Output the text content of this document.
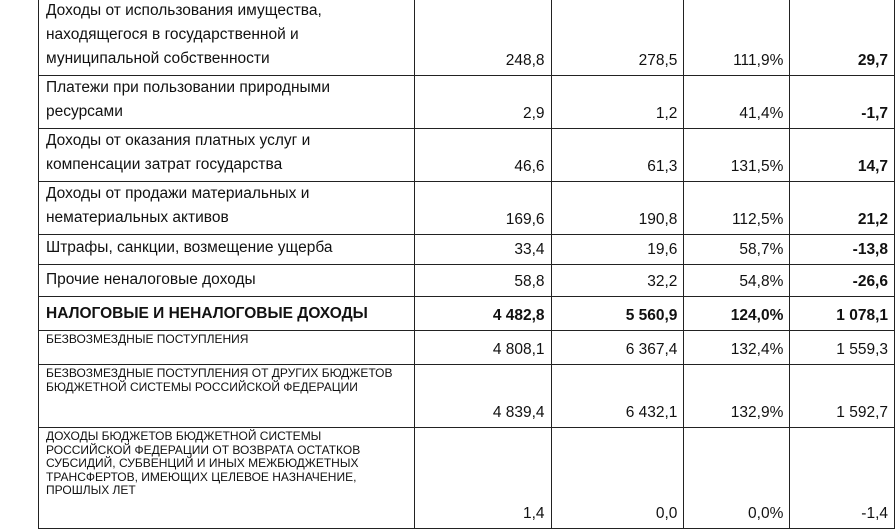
Доходы от использования имущества, находящегося в государственной и муниципальной собственности	248,8	278,5	111,9%	29,7
Платежи при пользовании природными ресурсами	2,9	1,2	41,4%	-1,7
Доходы от оказания платных услуг и компенсации затрат государства	46,6	61,3	131,5%	14,7
Доходы от продажи материальных и нематериальных активов	169,6	190,8	112,5%	21,2
Штрафы, санкции, возмещение ущерба	33,4	19,6	58,7%	-13,8
Прочие неналоговые доходы	58,8	32,2	54,8%	-26,6
НАЛОГОВЫЕ И НЕНАЛОГОВЫЕ ДОХОДЫ	4 482,8	5 560,9	124,0%	1 078,1
БЕЗВОЗМЕЗДНЫЕ ПОСТУПЛЕНИЯ	4 808,1	6 367,4	132,4%	1 559,3
БЕЗВОЗМЕЗДНЫЕ ПОСТУПЛЕНИЯ ОТ ДРУГИХ БЮДЖЕТОВ БЮДЖЕТНОЙ СИСТЕМЫ РОССИЙСКОЙ ФЕДЕРАЦИИ	4 839,4	6 432,1	132,9%	1 592,7
ДОХОДЫ БЮДЖЕТОВ БЮДЖЕТНОЙ СИСТЕМЫ РОССИЙСКОЙ ФЕДЕРАЦИИ ОТ ВОЗВРАТА ОСТАТКОВ СУБСИДИЙ, СУБВЕНЦИЙ И ИНЫХ МЕЖБЮДЖЕТНЫХ ТРАНСФЕРТОВ, ИМЕЮЩИХ ЦЕЛЕВОЕ НАЗНАЧЕНИЕ, ПРОШЛЫХ ЛЕТ	1,4	0,0	0,0%	-1,4
